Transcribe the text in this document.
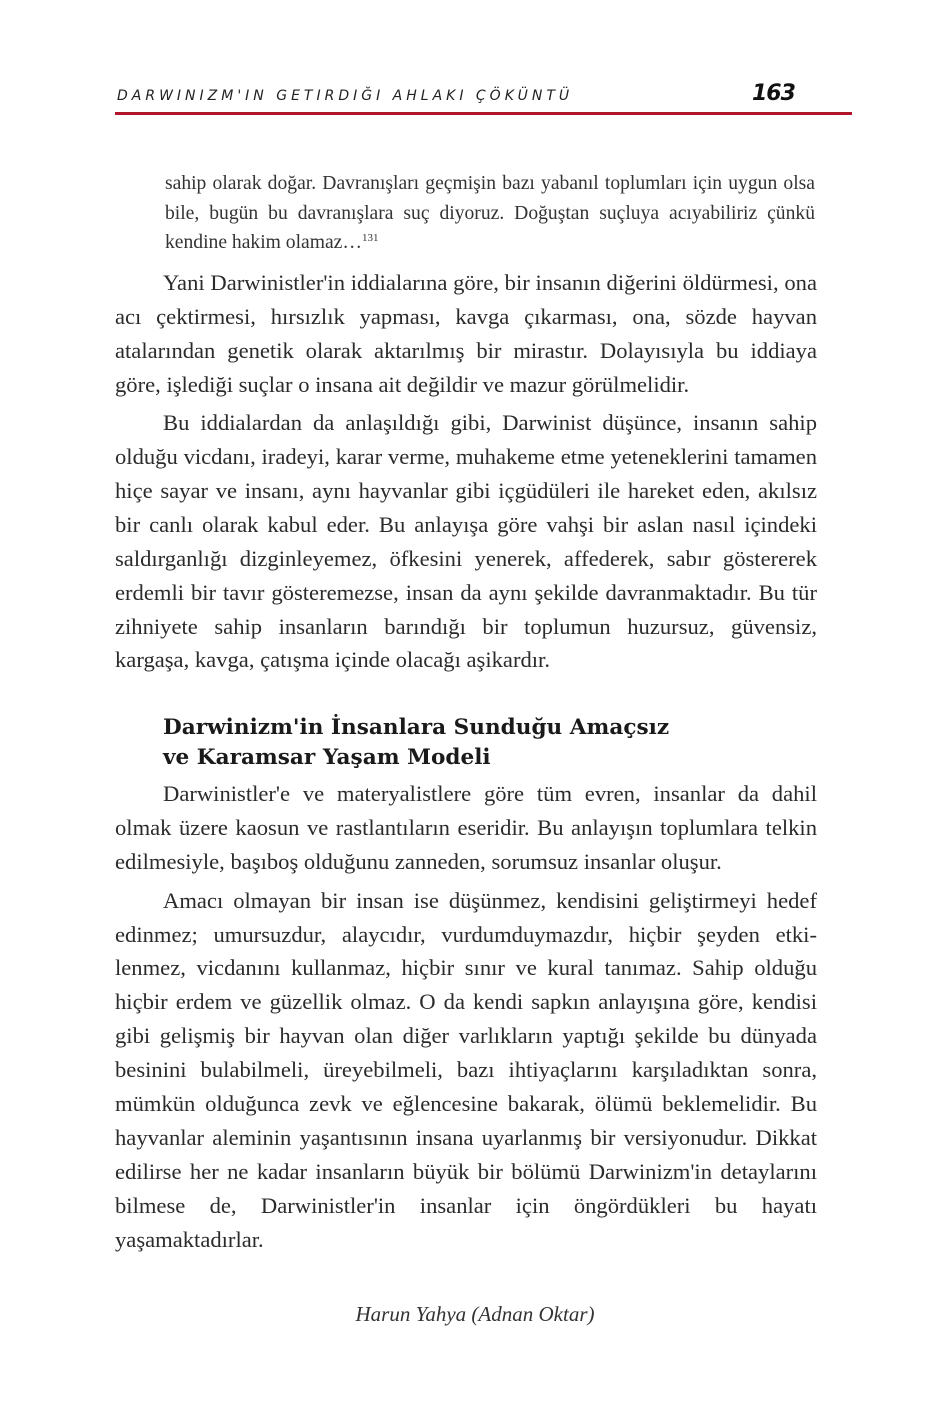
DARWINIZM'IN GETIRDIĞI AHLAKI ÇÖKÜNTÜ	163

sahip olarak doğar. Davranışları geçmişin bazı yabanıl toplumları için uygun olsa bile, bugün bu davranışlara suç diyoruz. Doğuştan suçluya acıyabiliriz çünkü kendine hakim olamaz…$^{131}$

Yani Darwinistler'in iddialarına göre, bir insanın diğerini öldürmesi, ona acı çektirmesi, hırsızlık yapması, kavga çıkarması, ona, sözde hayvan atalarından genetik olarak aktarılmış bir mirastır. Dolayısıyla bu iddiaya göre, işlediği suçlar o insana ait değildir ve mazur görülmelidir.

Bu iddialardan da anlaşıldığı gibi, Darwinist düşünce, insanın sahip olduğu vicdanı, iradeyi, karar verme, muhakeme etme yeteneklerini tamamen hiçe sayar ve insanı, aynı hayvanlar gibi içgüdüleri ile hareket eden, akılsız bir canlı olarak kabul eder. Bu anlayışa göre vahşi bir aslan nasıl içindeki saldırganlığı dizginleyemez, öfkesini yenerek, affederek, sabır göstererek erdemli bir tavır gösteremezse, insan da aynı şekilde davranmaktadır. Bu tür zihniyete sahip insanların barındığı bir toplumun huzursuz, güvensiz, kargaşa, kavga, çatışma içinde olacağı aşikardır.

Darwinizm'in İnsanlara Sunduğu Amaçsız
ve Karamsar Yaşam Modeli

Darwinistler'e ve materyalistlere göre tüm evren, insanlar da dahil olmak üzere kaosun ve rastlantıların eseridir. Bu anlayışın toplumlara telkin edilmesiyle, başıboş olduğunu zanneden, sorumsuz insanlar oluşur.

Amacı olmayan bir insan ise düşünmez, kendisini geliştirmeyi hedef edinmez; umursuzdur, alaycıdır, vurdumduymazdır, hiçbir şeyden etkilenmez, vicdanını kullanmaz, hiçbir sınır ve kural tanımaz. Sahip olduğu hiçbir erdem ve güzellik olmaz. O da kendi sapkın anlayışına göre, kendisi gibi gelişmiş bir hayvan olan diğer varlıkların yaptığı şekilde bu dünyada besinini bulabilmeli, üreyebilmeli, bazı ihtiyaçlarını karşıladıktan sonra, mümkün olduğunca zevk ve eğlencesine bakarak, ölümü beklemelidir. Bu hayvanlar aleminin yaşantısının insana uyarlanmış bir versiyonudur. Dikkat edilirse her ne kadar insanların büyük bir bölümü Darwinizm'in detaylarını bilmese de, Darwinistler'in insanlar için öngördükleri bu hayatı yaşamaktadırlar.

Harun Yahya (Adnan Oktar)
